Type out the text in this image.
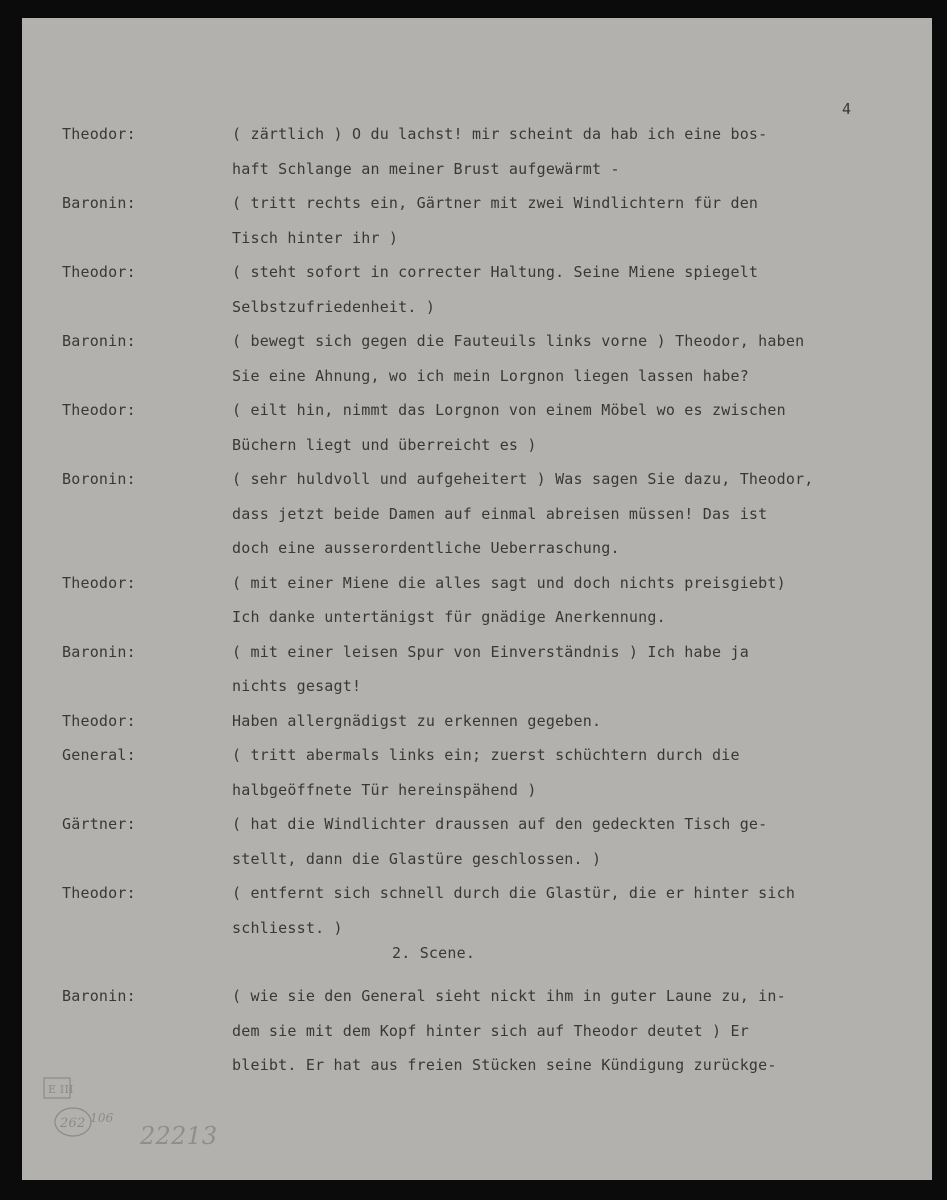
4
Theodor:	( zärtlich ) O du lachst! mir scheint da hab ich eine bos-
haft Schlange an meiner Brust aufgewärmt -
Baronin:	( tritt rechts ein, Gärtner mit zwei Windlichtern für den
Tisch hinter ihr )
Theodor:	( steht sofort in correcter Haltung. Seine Miene spiegelt
Selbstzufriedenheit. )
Baronin:	( bewegt sich gegen die Fauteuils links vorne ) Theodor, haben
Sie eine Ahnung, wo ich mein Lorgnon liegen lassen habe?
Theodor:	( eilt hin, nimmt das Lorgnon von einem Möbel wo es zwischen
Büchern liegt und überreicht es )
Boronin:	( sehr huldvoll und aufgeheitert ) Was sagen Sie dazu, Theodor,
dass jetzt beide Damen auf einmal abreisen müssen! Das ist
doch eine ausserordentliche Ueberraschung.
Theodor:	( mit einer Miene die alles sagt und doch nichts preisgiebt)
Ich danke untertänigst für gnädige Anerkennung.
Baronin:	( mit einer leisen Spur von Einverständnis ) Ich habe ja
nichts gesagt!
Theodor:	Haben allergnädigst zu erkennen gegeben.
General:	( tritt abermals links ein; zuerst schüchtern durch die
halbgeöffnete Tür hereinspähend )
Gärtner:	( hat die Windlichter draussen auf den gedeckten Tisch ge-
stellt, dann die Glastüre geschlossen. )
Theodor:	( entfernt sich schnell durch die Glastür, die er hinter sich
schliesst. )
Baronin:	( wie sie den General sieht nickt ihm in guter Laune zu, in-
dem sie mit dem Kopf hinter sich auf Theodor deutet ) Er
bleibt. Er hat aus freien Stücken seine Kündigung zurückge-
2. Scene.
E III
262 106
22213
